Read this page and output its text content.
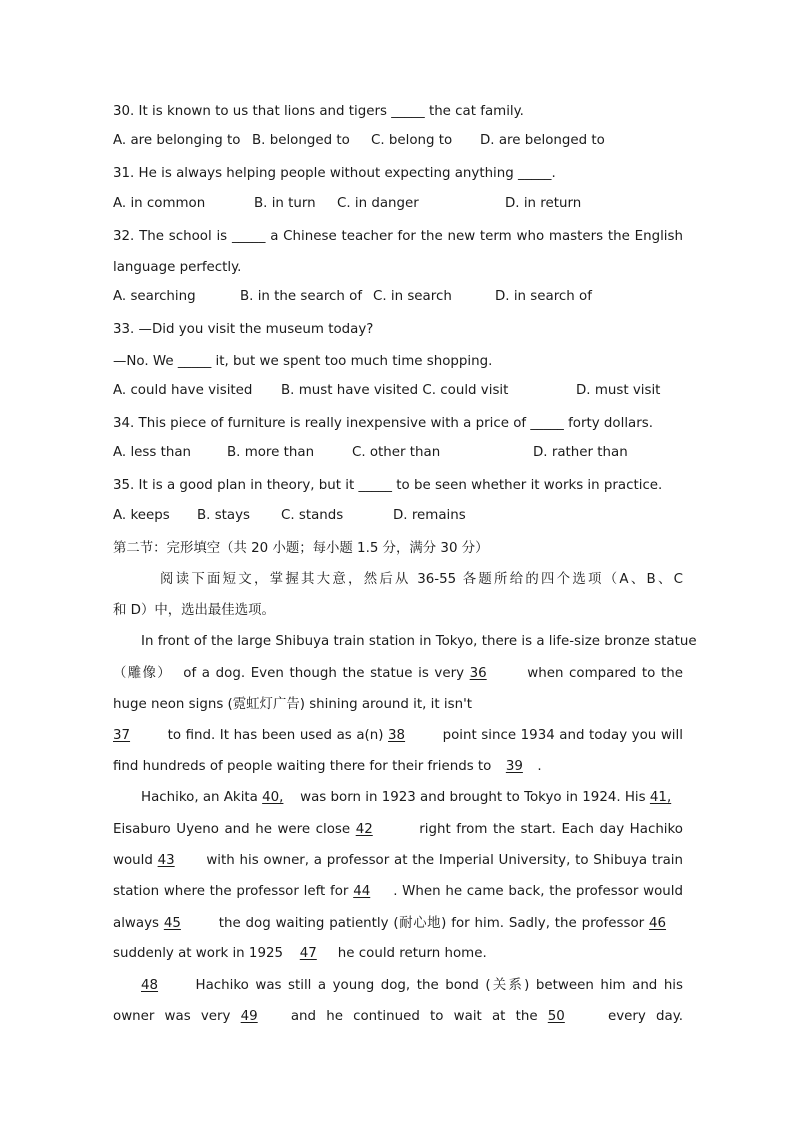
30. It is known to us that lions and tigers _____ the cat family.
A. are belonging to B. belonged to C. belong to D. are belonged to
31. He is always helping people without expecting anything _____.
A. in common	B. in turn C. in danger	D. in return
32. The school is _____ a Chinese teacher for the new term who masters the English
language perfectly.
A. searching	B. in the search of C. in search	D. in search of
33. —Did you visit the museum today?
—No. We _____ it, but we spent too much time shopping.
A. could have visited B. must have visited C. could visit	D. must visit
34. This piece of furniture is really inexpensive with a price of _____ forty dollars.
A. less than	B. more than	C. other than	D. rather than
35. It is a good plan in theory, but it _____ to be seen whether it works in practice.
A. keeps B. stays C. stands	D. remains
第二节：完形填空（共 20 小题；每小题 1.5 分，满分 30 分）
阅读下面短文，掌握其大意，然后从 36-55 各题所给的四个选项（A、B、C
和 D）中，选出最佳选项。
In front of the large Shibuya train station in Tokyo, there is a life-size bronze statue
（雕像）  of a dog. Even though the statue is very 36	when compared to the
huge neon signs (霓虹灯广告) shining around it, it isn't
37	to find. It has been used as a(n) 38	point since 1934 and today you will
find hundreds of people waiting there for their friends to 39 .
Hachiko, an Akita 40, was born in 1923 and brought to Tokyo in 1924. His 41,
Eisaburo Uyeno and he were close 42	right from the start. Each day Hachiko
would 43 with his owner, a professor at the Imperial University, to Shibuya train
station where the professor left for 44 . When he came back, the professor would
always 45	the dog waiting patiently (耐心地) for him. Sadly, the professor 46
suddenly at work in 1925 47 he could return home.
48	Hachiko was still a young dog, the bond (关系) between him and his
owner was very 49 and he continued to wait at the 50	every day.
